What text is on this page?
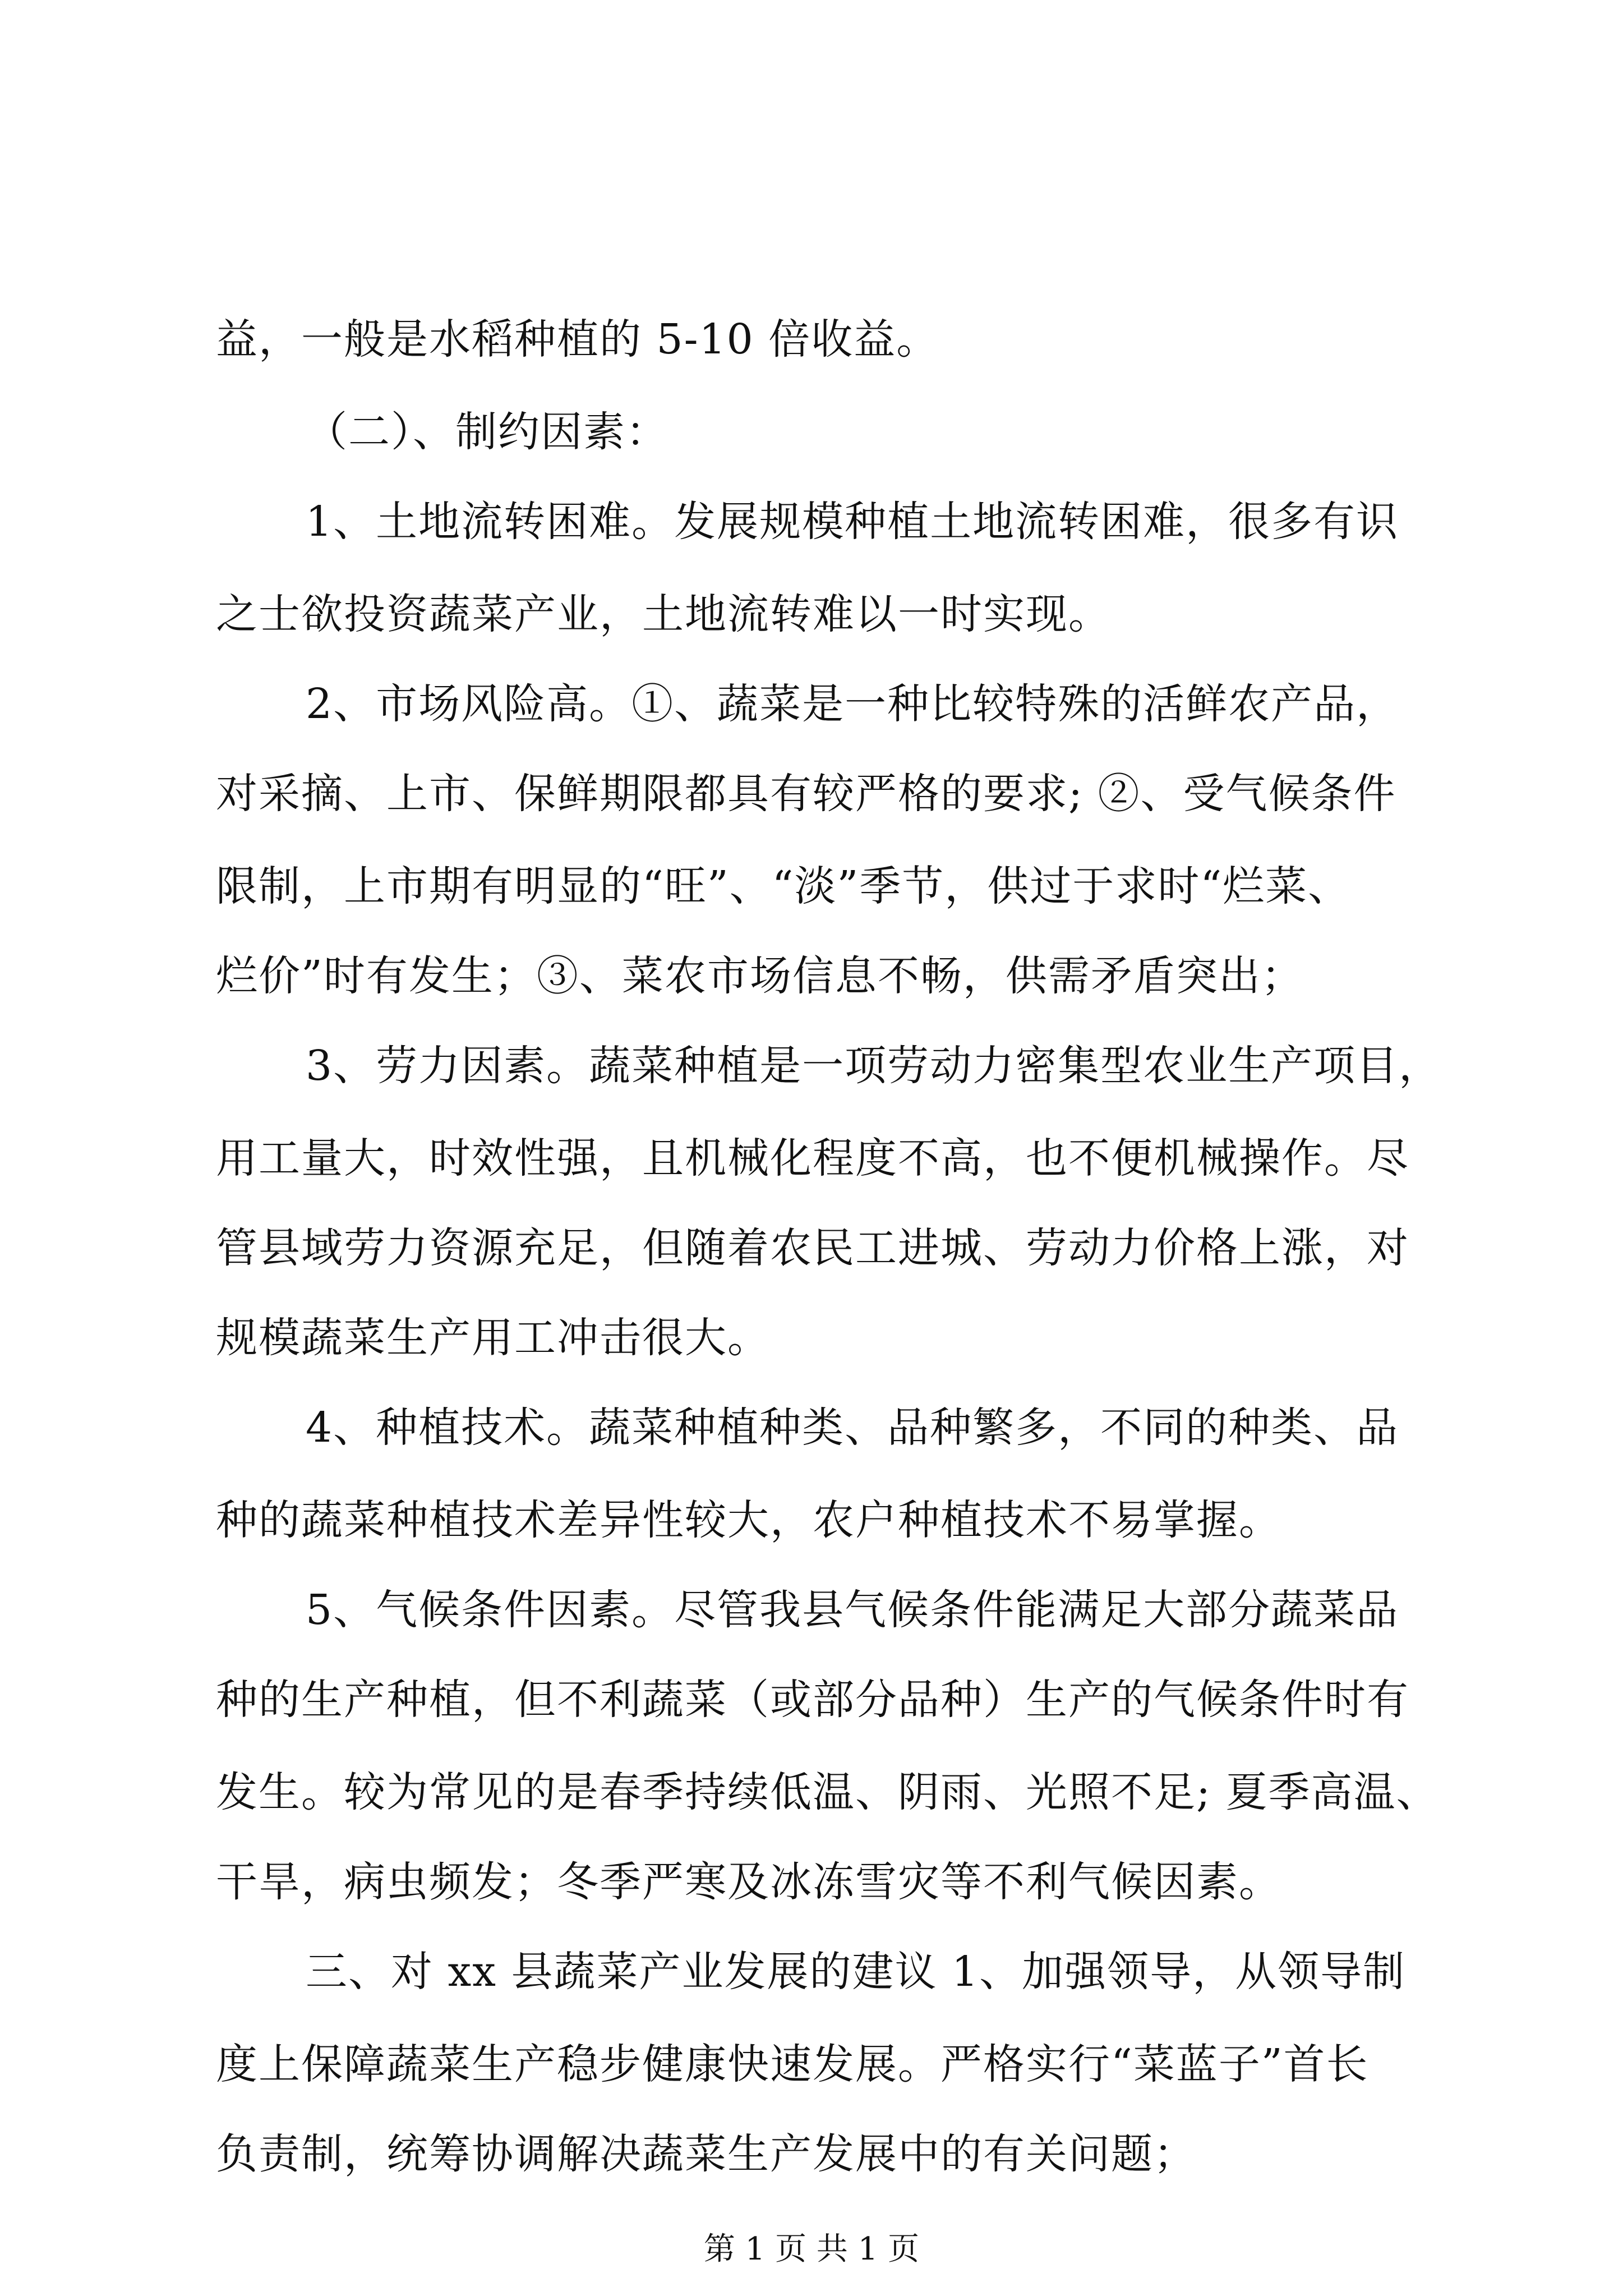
益，一般是水稻种植的 5-10 倍收益。
（二）、制约因素：
1、土地流转困难。发展规模种植土地流转困难，很多有识
之士欲投资蔬菜产业，土地流转难以一时实现。
2、市场风险高。①、蔬菜是一种比较特殊的活鲜农产品，
对采摘、上市、保鲜期限都具有较严格的要求; ②、受气候条件
限制，上市期有明显的“旺”、“淡”季节，供过于求时“烂菜、
烂价”时有发生；③、菜农市场信息不畅，供需矛盾突出；
3、劳力因素。蔬菜种植是一项劳动力密集型农业生产项目，
用工量大，时效性强，且机械化程度不高，也不便机械操作。尽
管县域劳力资源充足，但随着农民工进城、劳动力价格上涨，对
规模蔬菜生产用工冲击很大。
4、种植技术。蔬菜种植种类、品种繁多，不同的种类、品
种的蔬菜种植技术差异性较大，农户种植技术不易掌握。
5、气候条件因素。尽管我县气候条件能满足大部分蔬菜品
种的生产种植，但不利蔬菜（或部分品种）生产的气候条件时有
发生。较为常见的是春季持续低温、阴雨、光照不足; 夏季高温、
干旱，病虫频发；冬季严寒及冰冻雪灾等不利气候因素。
三、对 xx 县蔬菜产业发展的建议 1、加强领导，从领导制
度上保障蔬菜生产稳步健康快速发展。严格实行“菜蓝子”首长
负责制，统筹协调解决蔬菜生产发展中的有关问题；
第 1 页 共 1 页
